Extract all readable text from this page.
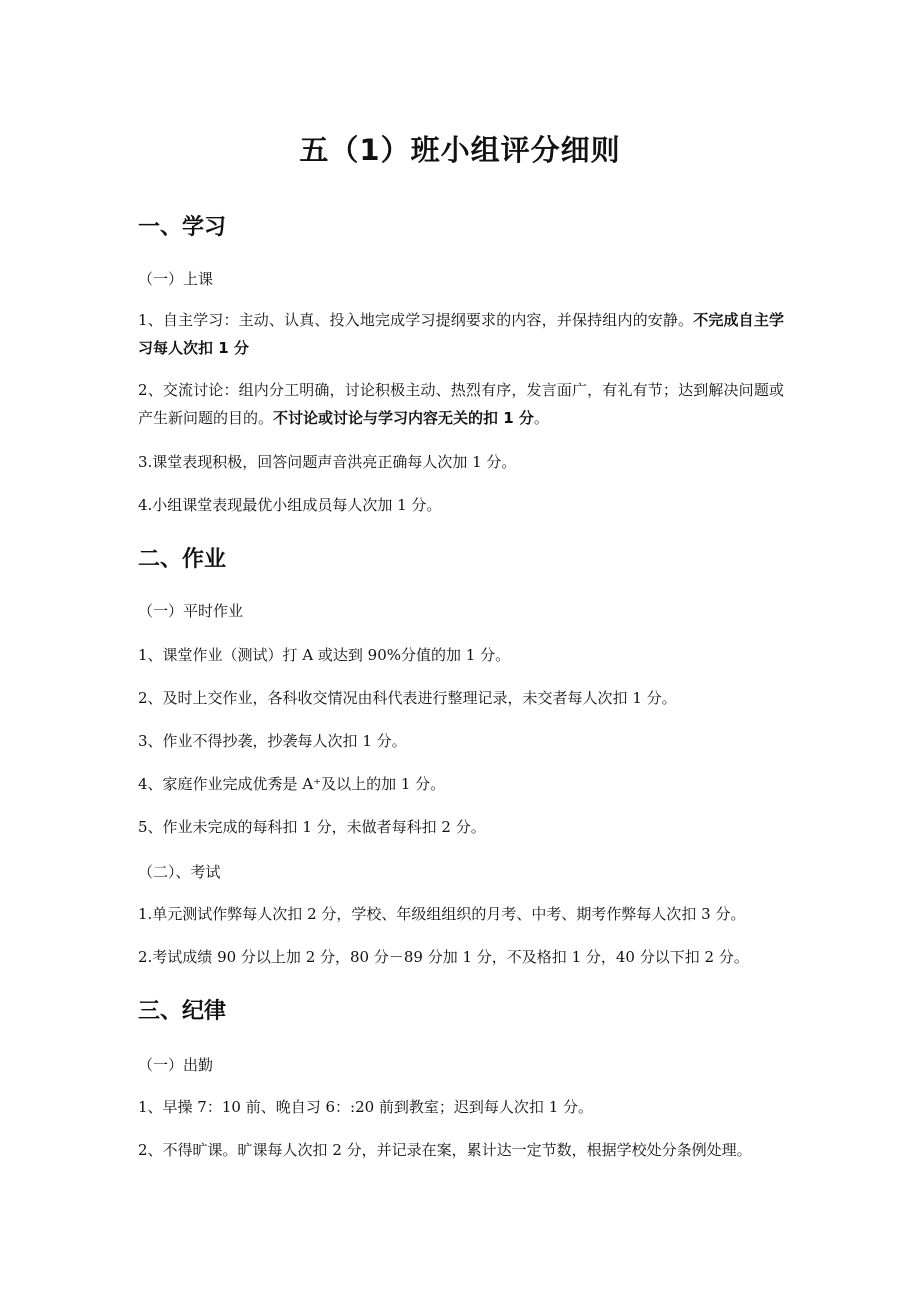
五（1）班小组评分细则
一、学习
（一）上课
1、自主学习：主动、认真、投入地完成学习提纲要求的内容，并保持组内的安静。不完成自主学习每人次扣 1 分
2、交流讨论：组内分工明确，讨论积极主动、热烈有序，发言面广，有礼有节；达到解决问题或产生新问题的目的。不讨论或讨论与学习内容无关的扣 1 分。
3.课堂表现积极，回答问题声音洪亮正确每人次加 1 分。
4.小组课堂表现最优小组成员每人次加 1 分。
二、作业
（一）平时作业
1、课堂作业（测试）打 A 或达到 90%分值的加 1 分。
2、及时上交作业，各科收交情况由科代表进行整理记录，未交者每人次扣 1 分。
3、作业不得抄袭，抄袭每人次扣 1 分。
4、家庭作业完成优秀是 A⁺及以上的加 1 分。
5、作业未完成的每科扣 1 分，未做者每科扣 2 分。
（二）、考试
1.单元测试作弊每人次扣 2 分，学校、年级组组织的月考、中考、期考作弊每人次扣 3 分。
2.考试成绩 90 分以上加 2 分，80 分－89 分加 1 分，不及格扣 1 分，40 分以下扣 2 分。
三、纪律
（一）出勤
1、早操 7：10 前、晚自习 6：:20 前到教室；迟到每人次扣 1 分。
2、不得旷课。旷课每人次扣 2 分，并记录在案，累计达一定节数，根据学校处分条例处理。
